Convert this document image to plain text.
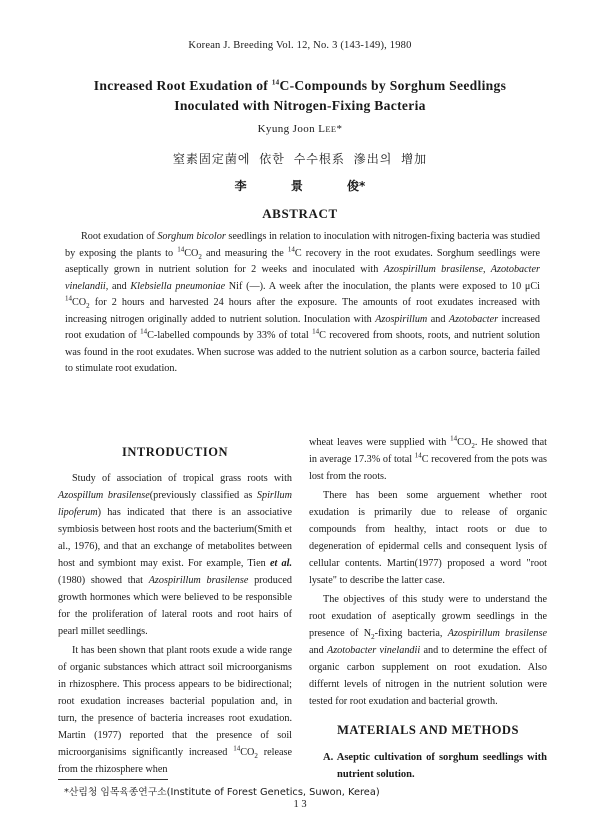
Korean J. Breeding Vol. 12, No. 3 (143-149), 1980
Increased Root Exudation of $^{14}$C-Compounds by Sorghum Seedlings
Inoculated with Nitrogen-Fixing Bacteria
Kyung Joon LEE*
窒素固定菌에 依한 수수根系 滲出의 增加
李 景 俊*
ABSTRACT
Root exudation of Sorghum bicolor seedlings in relation to inoculation with nitrogen-fixing bacteria was studied by exposing the plants to $^{14}CO_2$ and measuring the $^{14}$C recovery in the root exudates. Sorghum seedlings were aseptically grown in nutrient solution for 2 weeks and inoculated with Azospirillum brasilense, Azotobacter vinelandii, and Klebsiella pneumoniae Nif (—). A week after the inoculation, the plants were exposed to 10 μCi $^{14}CO_2$ for 2 hours and harvested 24 hours after the exposure. The amounts of root exudates increased with increasing nitrogen originally added to nutrient solution. Inoculation with Azospirillum and Azotobacter increased root exudation of $^{14}$C-labelled compounds by 33% of total $^{14}$C recovered from shoots, roots, and nutrient solution was found in the root exudates. When sucrose was added to the nutrient solution as a carbon source, bacteria failed to stimulate root exudation.
INTRODUCTION

Study of association of tropical grass roots with Azospillum brasilense(previously classified as Spirllum lipoferum) has indicated that there is an associative symbiosis between host roots and the bacterium(Smith et al., 1976), and that an exchange of metabolites between host and symbiont may exist. For example, Tien et al. (1980) showed that Azospirillum brasilense produced growth hormones which were believed to be responsible for the proliferation of lateral roots and root hairs of pearl millet seedlings.

It has been shown that plant roots exude a wide range of organic substances which attract soil microorganisms in rhizosphere. This process appears to be bidirectional; root exudation increases bacterial population and, in turn, the presence of bacteria increases root exudation. Martin (1977) reported that the presence of soil microorganisims significantly increased $^{14}CO_2$ release from the rhizosphere when

wheat leaves were supplied with $^{14}CO_2$. He showed that in average 17.3% of total $^{14}$C recovered from the pots was lost from the roots.

There has been some arguement whether root exudation is primarily due to release of organic compounds from healthy, intact roots or due to degeneration of epidermal cells and consequent lysis of cellular contents. Martin(1977) proposed a word "root lysate" to describe the latter case.

The objectives of this study were to understand the root exudation of aseptically growm seedlings in the presence of $N_2$-fixing bacteria, Azospirillum brasilense and Azotobacter vinelandii and to determine the effect of organic carbon supplement on root exudation. Also differnt levels of nitrogen in the nutrient solution were tested for root exudation and bacterial growth.

MATERIALS AND METHODS
A. Aseptic cultivation of sorghum seedlings with nutrient solution.
*산림청 임목육종연구소(Institute of Forest Genetics, Suwon, Kerea)
1 3
